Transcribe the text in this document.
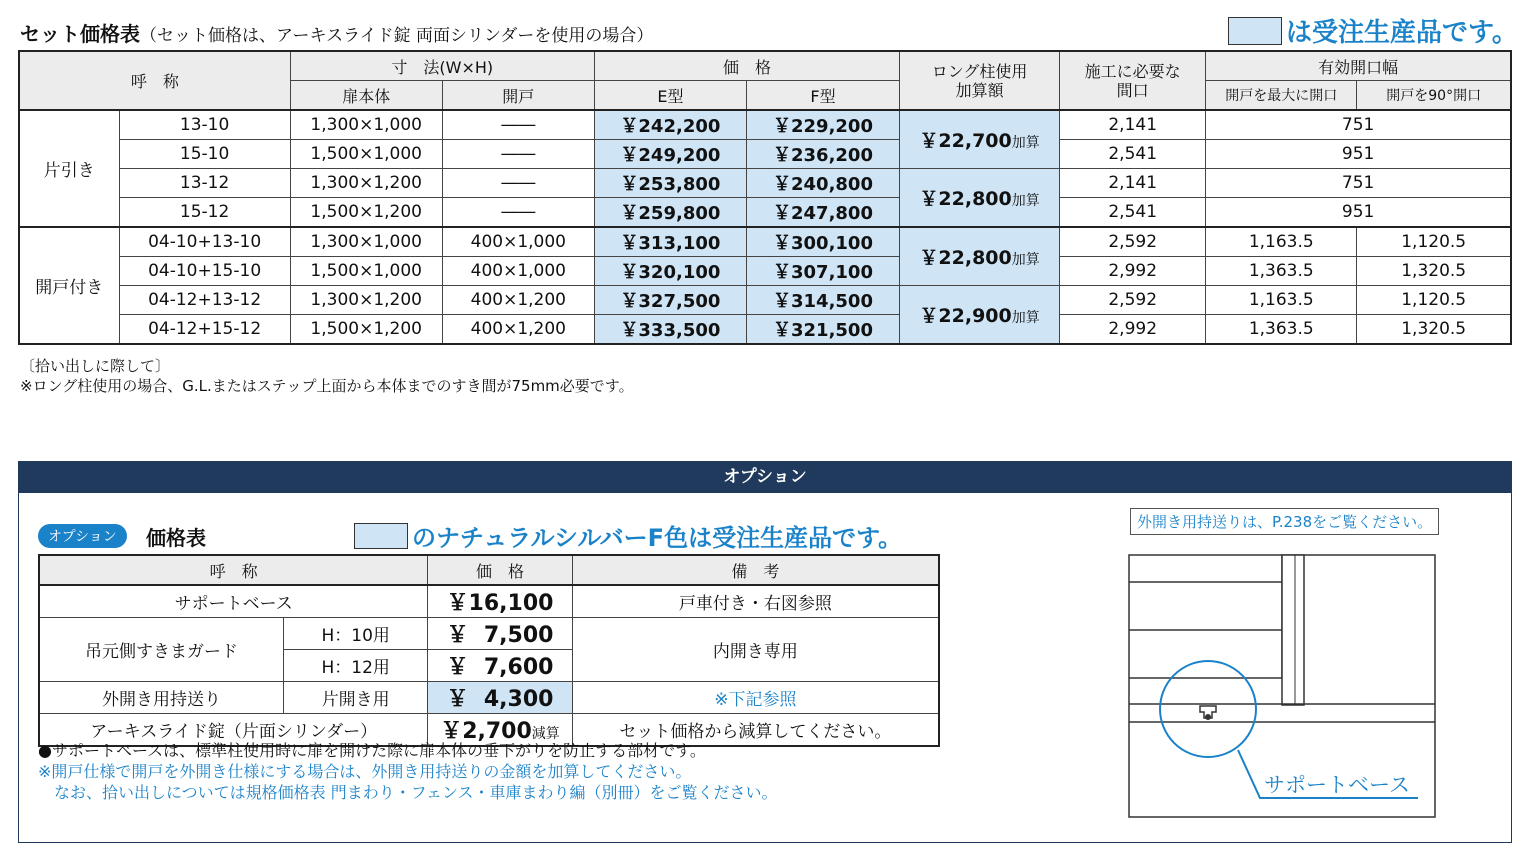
セット価格表（セット価格は、アーキスライド錠 両面シリンダーを使用の場合）	は受注生産品です。
呼　称		寸　法(W×H)		価　格		ロング柱使用
加算額	施工に必要な
間口	有効開口幅	
		扉本体	開戸	E型	F型			開戸を最大に開口	開戸を90°開口
片引き	13-10	1,300×1,000	――	￥242,200	￥229,200	￥22,700加算	2,141	751	
	15-10	1,500×1,000	――	￥249,200	￥236,200		2,541	951	
	13-12	1,300×1,200	――	￥253,800	￥240,800	￥22,800加算	2,141	751	
	15-12	1,500×1,200	――	￥259,800	￥247,800		2,541	951	
開戸付き	04-10+13-10	1,300×1,000	400×1,000	￥313,100	￥300,100	￥22,800加算	2,592	1,163.5	1,120.5
	04-10+15-10	1,500×1,000	400×1,000	￥320,100	￥307,100		2,992	1,363.5	1,320.5
	04-12+13-12	1,300×1,200	400×1,200	￥327,500	￥314,500	￥22,900加算	2,592	1,163.5	1,120.5
	04-12+15-12	1,500×1,200	400×1,200	￥333,500	￥321,500		2,992	1,363.5	1,320.5
〔拾い出しに際して〕
※ロング柱使用の場合、G.L.またはステップ上面から本体までのすき間が75mm必要です。
オプション
オプション	価格表	のナチュラルシルバーF色は受注生産品です。
呼　称		価　格	備　考
サポートベース		￥16,100	戸車付き・右図参照
吊元側すきまガード	H：10用	￥  7,500	内開き専用
	H：12用	￥  7,600	
外開き用持送り	片開き用	￥  4,300	※下記参照
アーキスライド錠（片面シリンダー）		￥2,700減算	セット価格から減算してください。
●サポートベースは、標準柱使用時に扉を開けた際に扉本体の垂下がりを防止する部材です。
※開戸仕様で開戸を外開き仕様にする場合は、外開き用持送りの金額を加算してください。
　なお、拾い出しについては規格価格表 門まわり・フェンス・車庫まわり編（別冊）をご覧ください。
外開き用持送りは、P.238をご覧ください。
サポートベース
